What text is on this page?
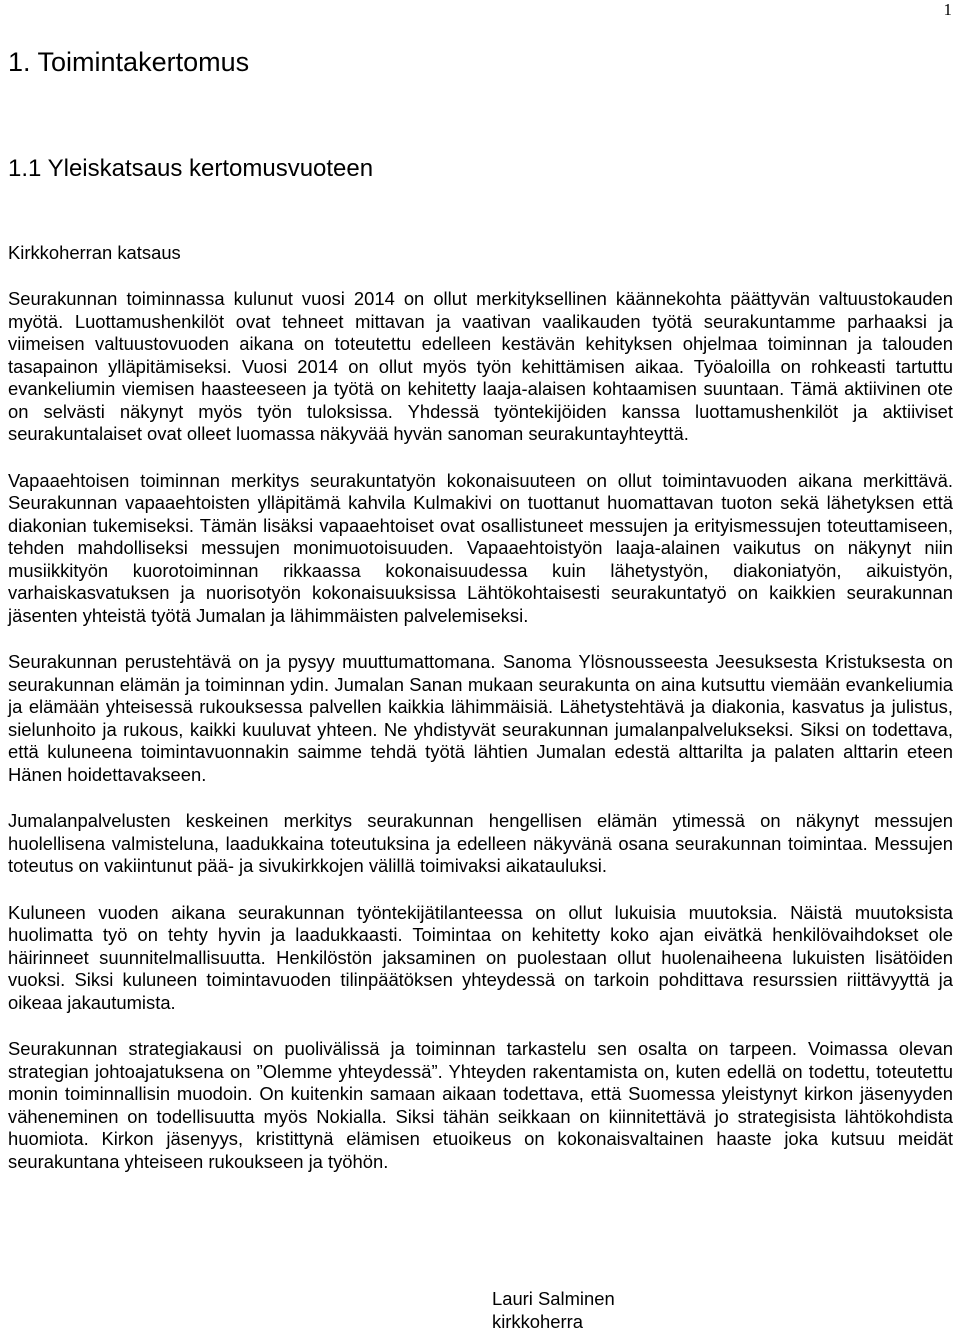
1
1. Toimintakertomus
1.1 Yleiskatsaus kertomusvuoteen
Kirkkoherran katsaus

Seurakunnan toiminnassa kulunut vuosi 2014 on ollut merkityksellinen käännekohta päättyvän valtuustokauden myötä. Luottamushenkilöt ovat tehneet mittavan ja vaativan vaalikauden työtä seurakuntamme parhaaksi ja viimeisen valtuustovuoden aikana on toteutettu edelleen kestävän kehityksen ohjelmaa toiminnan ja talouden tasapainon ylläpitämiseksi. Vuosi 2014 on ollut myös työn kehittämisen aikaa. Työaloilla on rohkeasti tartuttu evankeliumin viemisen haasteeseen ja työtä on kehitetty laaja-alaisen kohtaamisen suuntaan. Tämä aktiivinen ote on selvästi näkynyt myös työn tuloksissa. Yhdessä työntekijöiden kanssa luottamushenkilöt ja aktiiviset seurakuntalaiset ovat olleet luomassa näkyvää hyvän sanoman seurakuntayhteyttä.

Vapaaehtoisen toiminnan merkitys seurakuntatyön kokonaisuuteen on ollut toimintavuoden aikana merkittävä. Seurakunnan vapaaehtoisten ylläpitämä kahvila Kulmakivi on tuottanut huomattavan tuoton sekä lähetyksen että diakonian tukemiseksi. Tämän lisäksi vapaaehtoiset ovat osallistuneet messujen ja erityismessujen toteuttamiseen, tehden mahdolliseksi messujen monimuotoisuuden. Vapaaehtoistyön laaja-alainen vaikutus on näkynyt niin musiikkityön kuorotoiminnan rikkaassa kokonaisuudessa kuin lähetystyön, diakoniatyön, aikuistyön, varhaiskasvatuksen ja nuorisotyön kokonaisuuksissa Lähtökohtaisesti seurakuntatyö on kaikkien seurakunnan jäsenten yhteistä työtä Jumalan ja lähimmäisten palvelemiseksi.

Seurakunnan perustehtävä on ja pysyy muuttumattomana. Sanoma Ylösnousseesta Jeesuksesta Kristuksesta on seurakunnan elämän ja toiminnan ydin. Jumalan Sanan mukaan seurakunta on aina kutsuttu viemään evankeliumia ja elämään yhteisessä rukouksessa palvellen kaikkia lähimmäisiä. Lähetystehtävä ja diakonia, kasvatus ja julistus, sielunhoito ja rukous, kaikki kuuluvat yhteen. Ne yhdistyvät seurakunnan jumalanpalvelukseksi. Siksi on todettava, että kuluneena toimintavuonnakin saimme tehdä työtä lähtien Jumalan edestä alttarilta ja palaten alttarin eteen Hänen hoidettavakseen.

Jumalanpalvelusten keskeinen merkitys seurakunnan hengellisen elämän ytimessä on näkynyt messujen huolellisena valmisteluna, laadukkaina toteutuksina ja edelleen näkyvänä osana seurakunnan toimintaa. Messujen toteutus on vakiintunut pää- ja sivukirkkojen välillä toimivaksi aikatauluksi.

Kuluneen vuoden aikana seurakunnan työntekijätilanteessa on ollut lukuisia muutoksia. Näistä muutoksista huolimatta työ on tehty hyvin ja laadukkaasti. Toimintaa on kehitetty koko ajan eivätkä henkilövaihdokset ole häirinneet suunnitelmallisuutta. Henkilöstön jaksaminen on puolestaan ollut huolenaiheena lukuisten lisätöiden vuoksi. Siksi kuluneen toimintavuoden tilinpäätöksen yhteydessä on tarkoin pohdittava resurssien riittävyyttä ja oikeaa jakautumista.

Seurakunnan strategiakausi on puolivälissä ja toiminnan tarkastelu sen osalta on tarpeen. Voimassa olevan strategian johtoajatuksena on ”Olemme yhteydessä”. Yhteyden rakentamista on, kuten edellä on todettu, toteutettu monin toiminnallisin muodoin. On kuitenkin samaan aikaan todettava, että Suomessa yleistynyt kirkon jäsenyyden väheneminen on todellisuutta myös Nokialla. Siksi tähän seikkaan on kiinnitettävä jo strategisista lähtökohdista huomiota. Kirkon jäsenyys, kristittynä elämisen etuoikeus on kokonaisvaltainen haaste joka kutsuu meidät seurakuntana yhteiseen rukoukseen ja työhön.

Lauri Salminen
kirkkoherra
